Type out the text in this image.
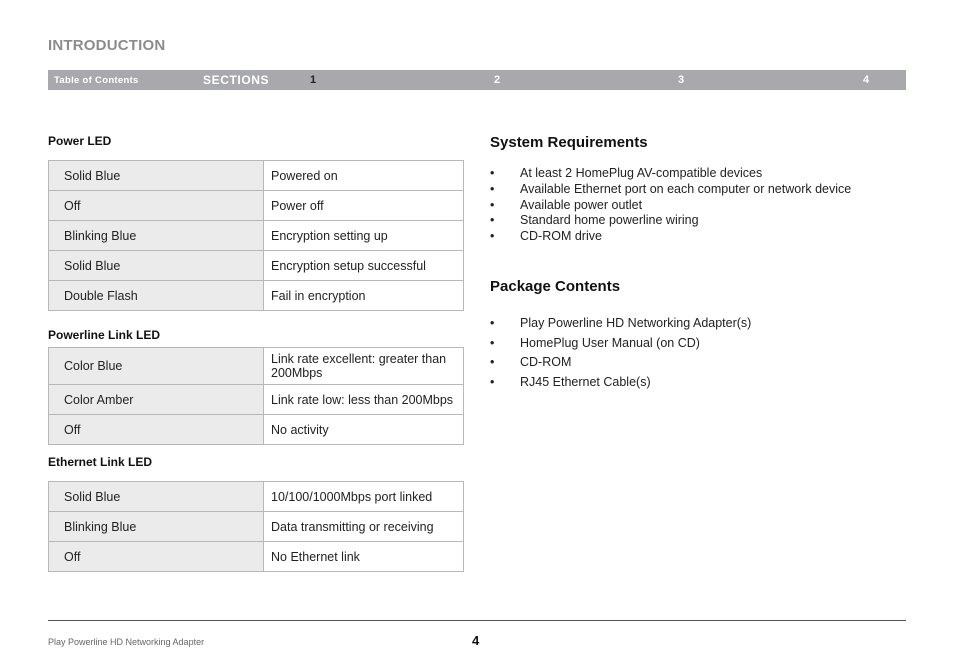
INTRODUCTION
Table of Contents	SECTIONS	1	2	3	4
Power LED
Solid Blue	Powered on
Off	Power off
Blinking Blue	Encryption setting up
Solid Blue	Encryption setup successful
Double Flash	Fail in encryption
Powerline Link LED
Color Blue	Link rate excellent: greater than 200Mbps
Color Amber	Link rate low: less than 200Mbps
Off	No activity
Ethernet Link LED
Solid Blue	10/100/1000Mbps port linked
Blinking Blue	Data transmitting or receiving
Off	No Ethernet link
System Requirements
• At least 2 HomePlug AV-compatible devices
• Available Ethernet port on each computer or network device
• Available power outlet
• Standard home powerline wiring
• CD-ROM drive
Package Contents
• Play Powerline HD Networking Adapter(s)
• HomePlug User Manual (on CD)
• CD-ROM
• RJ45 Ethernet Cable(s)
Play Powerline HD Networking Adapter	4
